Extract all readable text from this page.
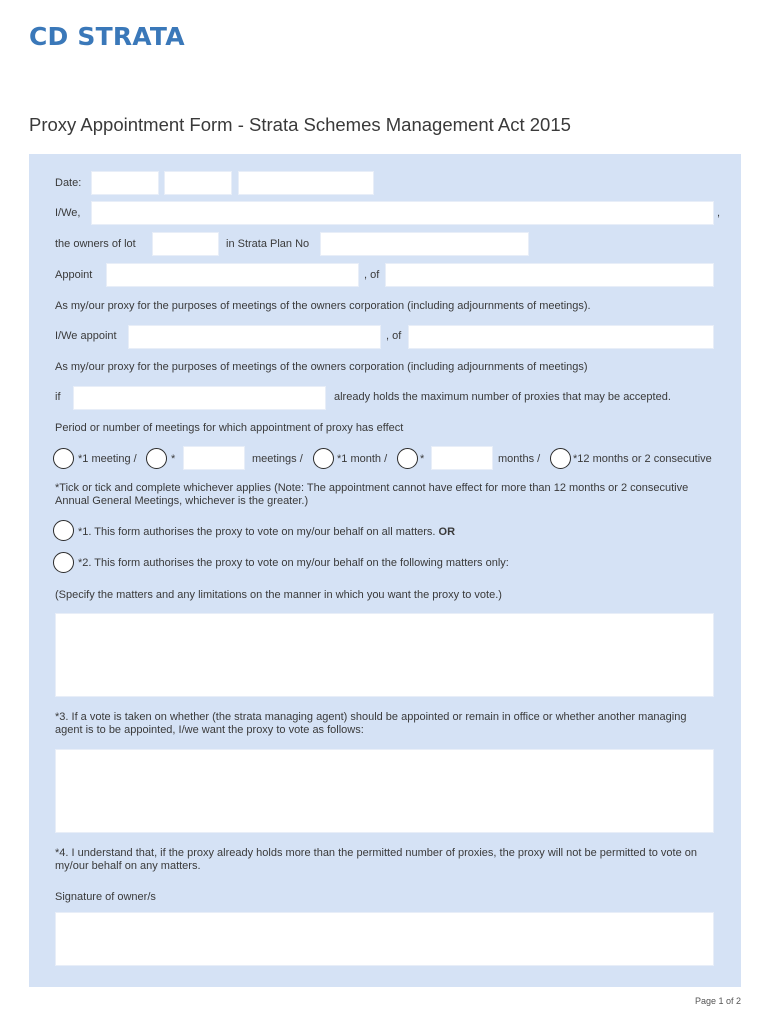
CD STRATA
Proxy Appointment Form - Strata Schemes Management Act 2015
Date:
I/We,	,
the owners of lot	in Strata Plan No
Appoint	, of
As my/our proxy for the purposes of meetings of the owners corporation (including adjournments of meetings).
I/We appoint	, of
As my/our proxy for the purposes of meetings of the owners corporation (including adjournments of meetings)
if	already holds the maximum number of proxies that may be accepted.
Period or number of meetings for which appointment of proxy has effect
*1 meeting /	*	meetings /	*1 month /	*	months /	*12 months or 2 consecutive
*Tick or tick and complete whichever applies (Note: The appointment cannot have effect for more than 12 months or 2 consecutive Annual General Meetings, whichever is the greater.)
*1. This form authorises the proxy to vote on my/our behalf on all matters. OR
*2. This form authorises the proxy to vote on my/our behalf on the following matters only:
(Specify the matters and any limitations on the manner in which you want the proxy to vote.)
*3. If a vote is taken on whether (the strata managing agent) should be appointed or remain in office or whether another managing agent is to be appointed, I/we want the proxy to vote as follows:
*4. I understand that, if the proxy already holds more than the permitted number of proxies, the proxy will not be permitted to vote on my/our behalf on any matters.
Signature of owner/s
Page 1 of 2
